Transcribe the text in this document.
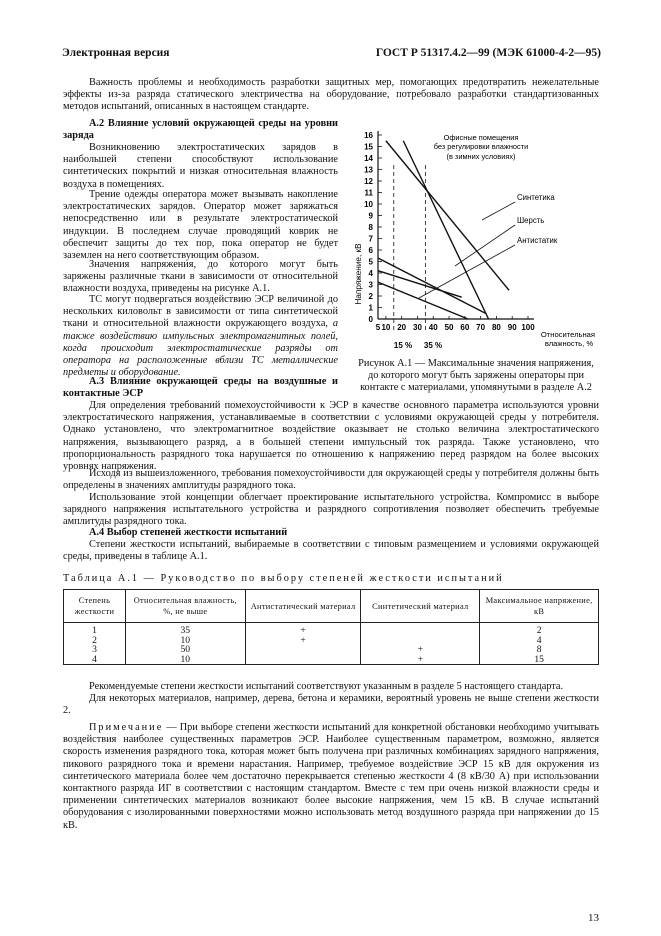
Электронная версия	ГОСТ Р 51317.4.2—99 (МЭК 61000-4-2—95)

Важность проблемы и необходимость разработки защитных мер, помогающих предотвратить нежелательные эффекты из-за разряда статического электричества на оборудование, потребовало разработки стандартизованных методов испытаний, описанных в настоящем стандарте.

А.2 Влияние условий окружающей среды на уровни заряда

Возникновению электростатических зарядов в наибольшей степени способствуют использование синтетических покрытий и низкая относительная влажность воздуха в помещениях.

Трение одежды оператора может вызывать накопление электростатических зарядов. Оператор может заряжаться непосредственно или в результате электростатической индукции. В последнем случае проводящий коврик не обеспечит защиты до тех пор, пока оператор не будет заземлен на него соответствующим образом.

Значения напряжения, до которого могут быть заряжены различные ткани в зависимости от относительной влажности воздуха, приведены на рисунке А.1.

ТС могут подвергаться воздействию ЭСР величиной до нескольких киловольт в зависимости от типа синтетической ткани и относительной влажности окружающего воздуха, а также воздействию импульсных электромагнитных полей, когда происходит электростатические разряды от оператора на расположенные вблизи ТС металлические предметы и оборудование.

А.3 Влияние окружающей среды на воздушные и контактные ЭСР

Для определения требований помехоустойчивости к ЭСР в качестве основного параметра используются уровни электростатического напряжения, устанавливаемые в соответствии с условиями окружающей среды у потребителя. Однако установлено, что электромагнитное воздействие оказывает не столько величина электростатического напряжения, вызывающего разряд, а в большей степени импульсный ток разряда. Также установлено, что пропорциональность разрядного тока нарушается по отношению к напряжению перед разрядом на более высоких уровнях напряжения.

Исходя из вышеизложенного, требования помехоустойчивости для окружающей среды у потребителя должны быть определены в значениях амплитуды разрядного тока.

Использование этой концепции облегчает проектирование испытательного устройства. Компромисс в выборе зарядного напряжения испытательного устройства и разрядного сопротивления позволяет обеспечить требуемые амплитуды разрядного тока.

А.4 Выбор степеней жесткости испытаний

Степени жесткости испытаний, выбираемые в соответствии с типовым размещением и условиями окружающей среды, приведены в таблице А.1.

0
1
2
3
4
5
6
7
8
9
10
11
12
13
14
15
16
5 10 20 30 40 50 60 70 80 90 100
Напряжение, кВ
Относительная влажность, %
Офисные помещения
без регулировки влажности
(в зимних условиях)
Синтетика
Шерсть
Антистатик
15 % 35 %
Рисунок А.1 — Максимальные значения напряжения, до которого могут быть заряжены операторы при контакте с материалами, упомянутыми в разделе А.2
Таблица А.1 — Руководство по выбору степеней жесткости испытаний
Степень жесткости	Относительная влажность, %, не выше	Антистатический материал	Синтетический материал	Максимальное напряжение, кВ
1	35	+		2
2	10	+		4
3	50		+	8
4	10		+	15

Рекомендуемые степени жесткости испытаний соответствуют указанным в разделе 5 настоящего стандарта.

Для некоторых материалов, например, дерева, бетона и керамики, вероятный уровень не выше степени жесткости 2.

Примечание — При выборе степени жесткости испытаний для конкретной обстановки необходимо учитывать воздействия наиболее существенных параметров ЭСР. Наиболее существенным параметром, возможно, является скорость изменения разрядного тока, которая может быть получена при различных комбинациях зарядного напряжения, пикового разрядного тока и времени нарастания. Например, требуемое воздействие ЭСР 15 кВ для окружения из синтетического материала более чем достаточно перекрывается степенью жесткости 4 (8 кВ/30 А) при использовании контактного разряда ИГ в соответствии с настоящим стандартом. Вместе с тем при очень низкой влажности среды и применении синтетических материалов возникают более высокие напряжения, чем 15 кВ. В случае испытаний оборудования с изолированными поверхностями можно использовать метод воздушного разряда при напряжении до 15 кВ.

13
